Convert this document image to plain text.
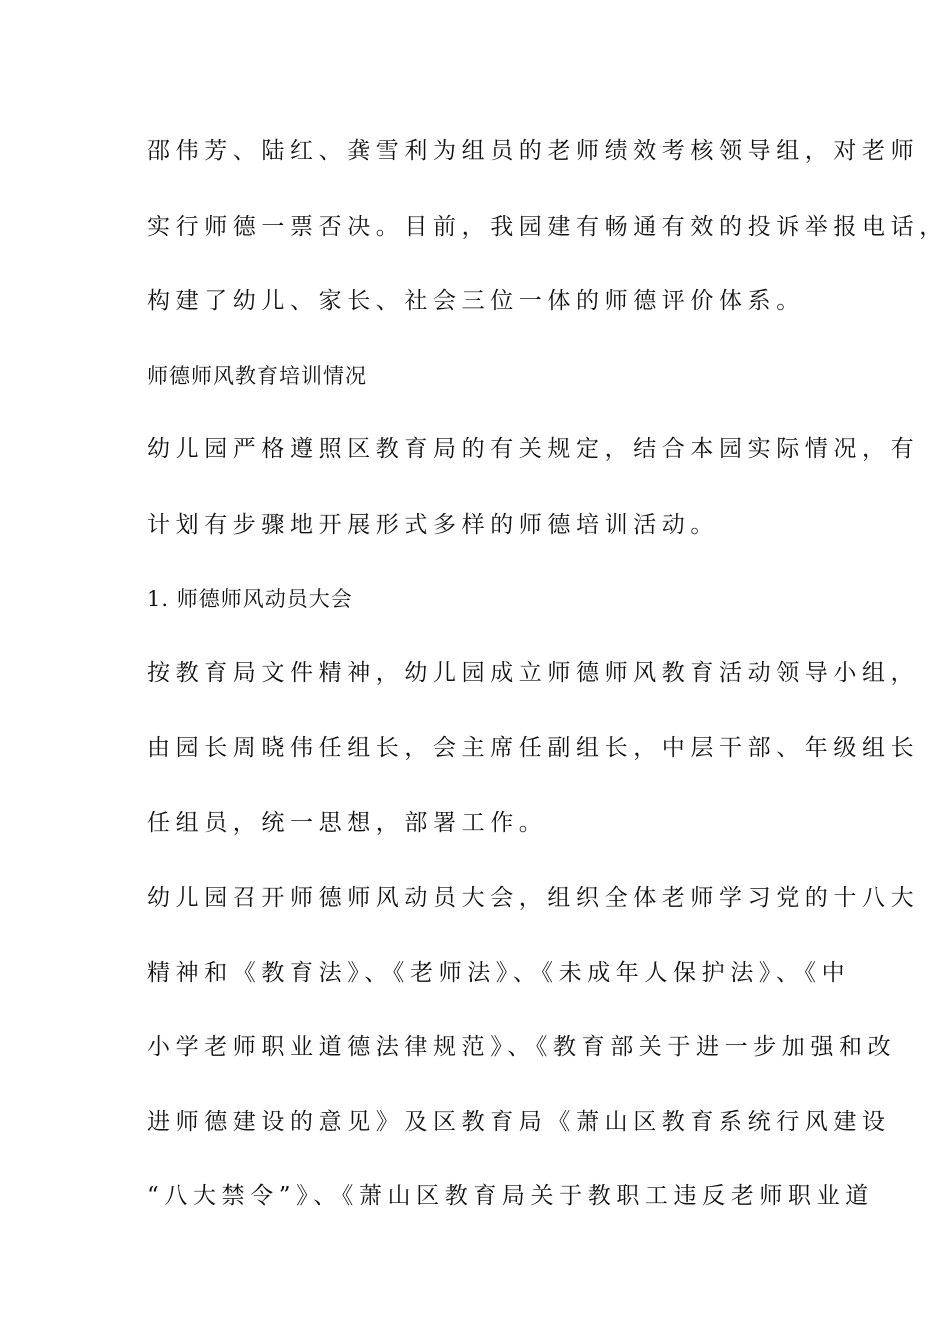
邵伟芳、陆红、龚雪利为组员的老师绩效考核领导组，对老师
实行师德一票否决。目前，我园建有畅通有效的投诉举报电话，
构建了幼儿、家长、社会三位一体的师德评价体系。
师德师风教育培训情况
幼儿园严格遵照区教育局的有关规定，结合本园实际情况，有
计划有步骤地开展形式多样的师德培训活动。
1. 师德师风动员大会
按教育局文件精神，幼儿园成立师德师风教育活动领导小组，
由园长周晓伟任组长，会主席任副组长，中层干部、年级组长
任组员，统一思想，部署工作。
幼儿园召开师德师风动员大会，组织全体老师学习党的十八大
精神和《教育法》、《老师法》、《未成年人保护法》、《中
小学老师职业道德法律规范》、《教育部关于进一步加强和改
进师德建设的意见》及区教育局《萧山区教育系统行风建设
“八大禁令”》、《萧山区教育局关于教职工违反老师职业道
